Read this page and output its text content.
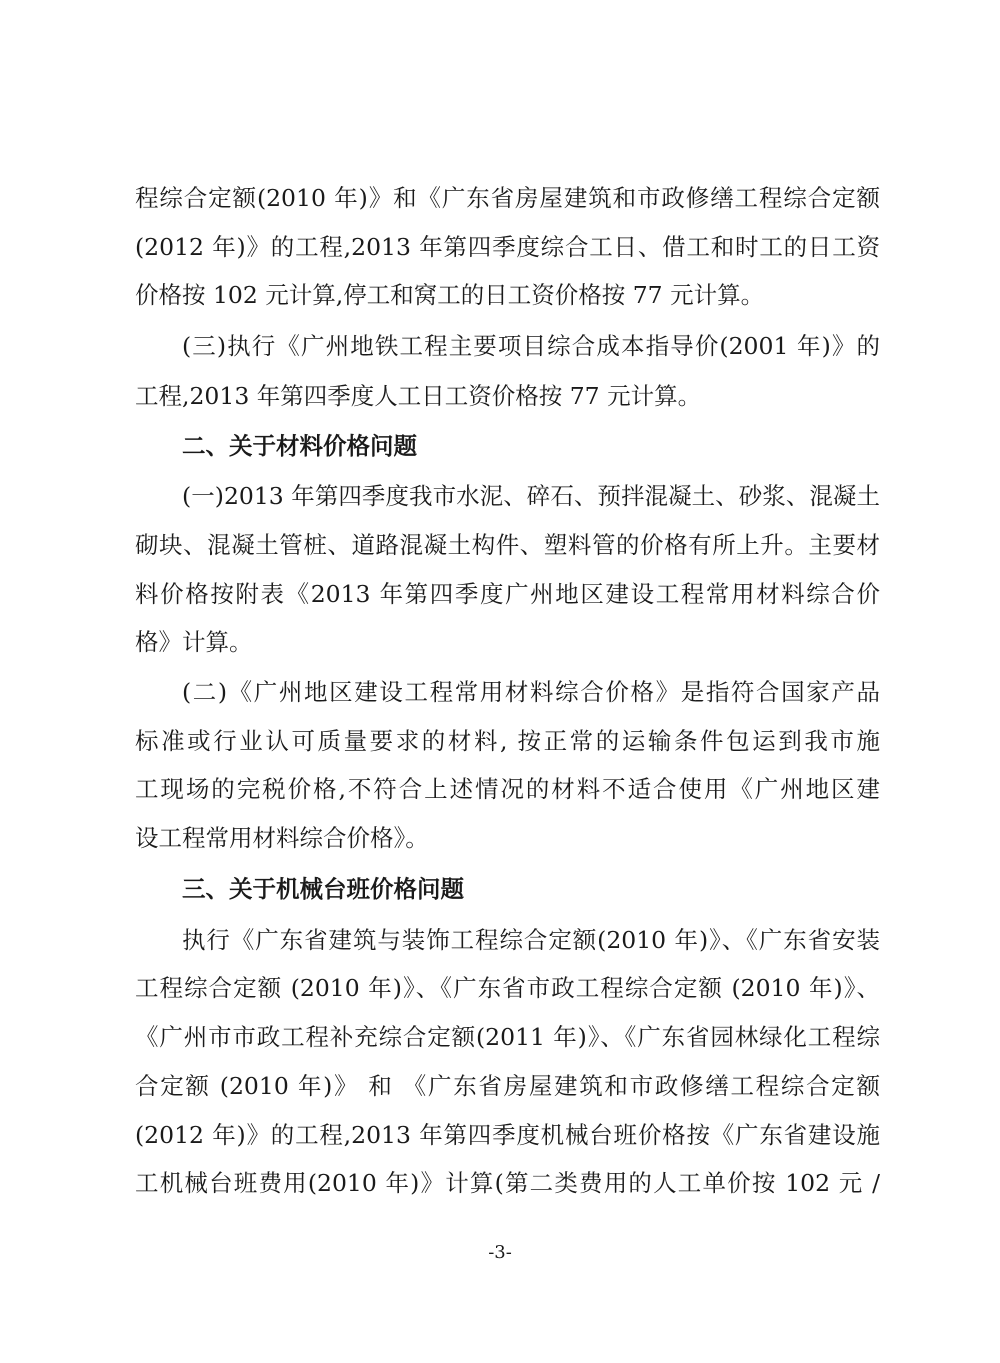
程综合定额(2010 年)》和《广东省房屋建筑和市政修缮工程综合定额
(2012 年)》的工程,2013 年第四季度综合工日、借工和时工的日工资
价格按 102 元计算,停工和窝工的日工资价格按 77 元计算。
(三)执行《广州地铁工程主要项目综合成本指导价(2001 年)》的
工程,2013 年第四季度人工日工资价格按 77 元计算。
二、关于材料价格问题
(一)2013 年第四季度我市水泥、碎石、预拌混凝土、砂浆、混凝土
砌块、混凝土管桩、道路混凝土构件、塑料管的价格有所上升。主要材
料价格按附表《2013 年第四季度广州地区建设工程常用材料综合价
格》计算。
(二)《广州地区建设工程常用材料综合价格》是指符合国家产品
标准或行业认可质量要求的材料, 按正常的运输条件包运到我市施
工现场的完税价格,不符合上述情况的材料不适合使用《广州地区建
设工程常用材料综合价格》。
三、关于机械台班价格问题
执行《广东省建筑与装饰工程综合定额(2010 年)》、《广东省安装
工程综合定额 (2010 年)》、《广东省市政工程综合定额 (2010 年)》、
《广州市市政工程补充综合定额(2011 年)》、《广东省园林绿化工程综
合定额 (2010 年)》 和 《广东省房屋建筑和市政修缮工程综合定额
(2012 年)》的工程,2013 年第四季度机械台班价格按《广东省建设施
工机械台班费用(2010 年)》计算(第二类费用的人工单价按 102 元 /
-3-
